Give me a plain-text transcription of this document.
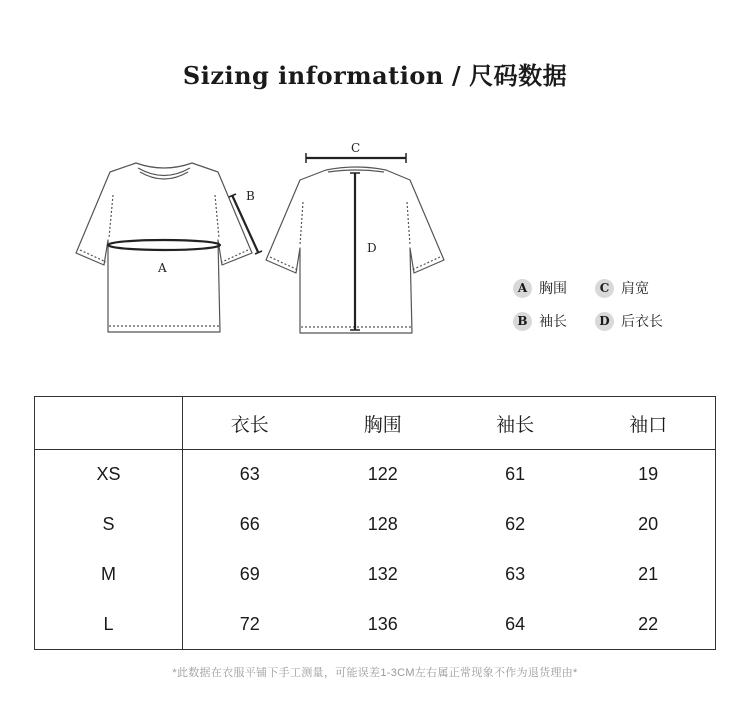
Sizing information / 尺码数据
A
B
C
D
A 胸围	C 肩宽
B 袖长	D 后衣长
	衣长	胸围	袖长	袖口
XS	63	122	61	19
S	66	128	62	20
M	69	132	63	21
L	72	136	64	22
*此数据在衣服平铺下手工测量，可能误差1-3CM左右属正常现象不作为退货理由*
